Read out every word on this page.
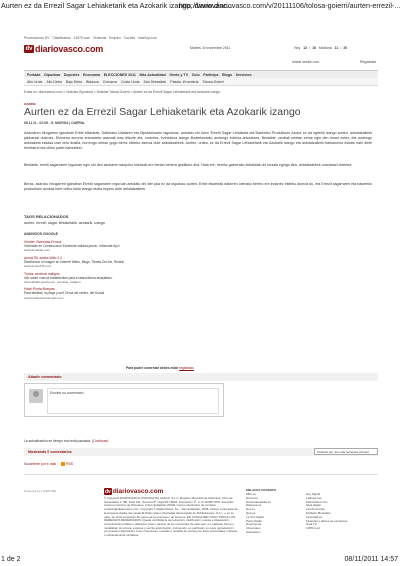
Aurten ez da Errezil Sagar Lehiaketarik eta Azokarik izango, diariovasc...
http://www.diariovasco.com/v/20111106/tolosa-goierri/aurten-errezil-...
Promociones DV Clasificados 11870.com Vivienda Empleo Coches miaHoy.com
dv diariovasco.com	Martes, 8 noviembre 2011	Hoy 12 / 16 Mañana 11 / 20
Iniciar sesión con	Regístrate
Portada Gipuzkoa Deportes Economía ELECCIONES 2011 Más Actualidad Gente y TV Ocio Participa Blogs Servicios
Alto Urola Alto Deba Bajo Deba Bidasoa Comarca Costa Urola San Sebastián Pasaia -Errenteria Tolosa-Goierri
Estás en: diariovasco.com > Noticias Gipuzkoa > Noticias Tolosa-Goierri > Aurten ez da Errezil Sagar Lehiaketarik eta Azokarik izango
OARRIA
Aurten ez da Errezil Sagar Lehiaketarik eta Azokarik izango
06.11.11 - 02:08 - G. MURGIA | OARRIA.

Azaroaren hirugarren igandean Erbie elkarteak, Gabiriako Udalaren eta Diputazioaren laguntzaz, antolatu ohi duen 'Errezil Sagar Lehiaketa eta Baserriko Produktuen Azoka' ez da egiterik izango aurten, antolatzaileek jakinarazi dutenez. Ekimena aurrera eramateko arazoak izan dituzte eta, ondorioz, ezinezkoa izango litzatekeelako aurtengo edizioa antolatzea. Bestalde, zenbait urtetan zehar egin den lanari esker, eta aurtengo antolaketa eskasa izan zela ikusita, hurrengo urtean gogo berriz ekiteko asmoa dute antolatzaileek. Aurten, ordea, ez da Errezil Sagar Lehiaketarik eta Azokarik izango eta antolatzaileek barkamena eskatu nahi diete herritarrei eta ohiko parte-hartzaileei.

Bestalde, ermiti sagarraren inguruan egin ohi den azokaren kanpoko ekintzak ere bertan behera geldituko dira. Hala ere, herriko gainerako ekitaldiak ohi bezala egingo dira, antolatzaileek ohartarazi dutenez.

Beraz, azaroko hirugarren igandean Errezil sagarraren inguruan antolatu ohi den jaia ez da ospatuko aurten. Erbie elkarteak datorren urterako berriro ere indarrez ekiteko asmoa du, eta Errezil sagarraren eta baserriko produktuen azokak bere ohiko tokia izango duela espero dute antolatzaileek.

TAGS RELACIONADOS
aurten, errezil, sagar, lehiaketarik, azokarik, izango
ANUNCIOS GOOGLE
Vender Viviendas Ermua
Viviendas en Construcción Excelente calidad-precio. Infórmate Ayo!
www.domibao.com
donosTIK azoka Web 2.0
Diseñamos tu imagen en Internet Webs, Blogs, Tienda OnLine, Redes!
www.donosTIK.com
Tumor cerebral maligno
Info sobre nuevos tratamientos para el astrocitoma anaplásico.
Clinicaltrials.gov/tumor_cerebral_maligno
Hotel Punta Monpas
Para familias, la playa y surf Cerca del centro, del Kursal
www.hotelpuntamonpas.com
Para poder comentar debes estar registrado
Añadir comentario
Escribe su comentario
La actualización en tiempo real está pausada. (Continuar)
Mostrando 0 comentarios	Ordenar por: los más recientes primero
Suscribirte por e-mail	RSS
Powered by LIVEFYRE	dv diariovasco.com
© Copyright DIARIOVASCO.COM DIGITAL VASCA, S.L.U. Registro Mercantil de Gipuzkoa, Libro de Sociedades 1.786, Folio 141, Sección 8ª, Hoja SS-16932, Inscripción 1ª. C.I.F. B20677876. Domicilio social en Camino de Portuetxe, 2 San Sebastián 20018. Correo electrónico de contacto contacto@diariovasco.com. Copyright © Digital Vasca, S.L., San Sebastián, 2008. Incluye contenidos de la empresa citada, del medio El Diario Vasco (Sociedad Vascongada de Publicaciones, S.A.), y, en su caso, de otras empresas del grupo de la empresa o de terceros. EN CUALQUIER CASO TODOS LOS DERECHOS RESERVADOS: Queda prohibida la reproducción, distribución, puesta a disposición, comunicación pública y utilización total o parcial, de los contenidos de esta web, en cualquier forma o modalidad, sin previa, expresa y escrita autorización, incluyendo, en particular, su mera reproducción y/o puesta a disposición como resúmenes, reseñas o revistas de prensa con fines comerciales o directa o indirectamente lucrativos.
ENLACES VOCENTO
ABC.es
El Correo
elnortedecastilla.es
Diariosur.es
Hoy.es
Qué.es
La Voz Digital
Punto Radio
HoyCinema
Infoempleo
Autocasion
Hoy Digital
LaRioja.com
DiarioVasco.com
Ideal digital
Las Provincias
El Diario Montañés
Laverdad.es
Finanzas y planes de pensiones
Guía TV
11870.com
1 de 2	08/11/2011 14:57
